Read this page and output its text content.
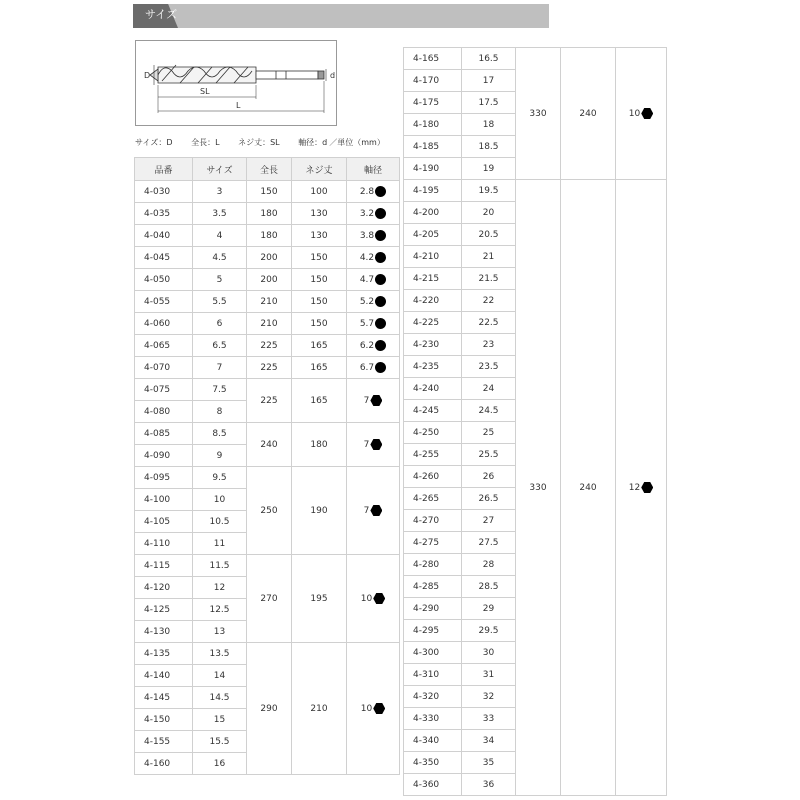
サイズ
D	d
SL
L
サイズ：D 全長：L ネジ丈：SL 軸径：d ／単位（mm）
品番	サイズ	全長	ネジ丈	軸径
4-030	3	150	100	2.8
4-035	3.5	180	130	3.2
4-040	4	180	130	3.8
4-045	4.5	200	150	4.2
4-050	5	200	150	4.7
4-055	5.5	210	150	5.2
4-060	6	210	150	5.7
4-065	6.5	225	165	6.2
4-070	7	225	165	6.7
4-075	7.5	225	165	7
4-080	8			
4-085	8.5	240	180	7
4-090	9			
4-095	9.5	250	190	7
4-100	10			
4-105	10.5			
4-110	11			
4-115	11.5	270	195	10
4-120	12			
4-125	12.5			
4-130	13			
4-135	13.5	290	210	10
4-140	14			
4-145	14.5			
4-150	15			
4-155	15.5			
4-160	16			
4-165	16.5	330	240	10
4-170	17			
4-175	17.5			
4-180	18			
4-185	18.5			
4-190	19			
4-195	19.5	330	240	12
4-200	20			
4-205	20.5			
4-210	21			
4-215	21.5			
4-220	22			
4-225	22.5			
4-230	23			
4-235	23.5			
4-240	24			
4-245	24.5			
4-250	25			
4-255	25.5			
4-260	26			
4-265	26.5			
4-270	27			
4-275	27.5			
4-280	28			
4-285	28.5			
4-290	29			
4-295	29.5			
4-300	30			
4-310	31			
4-320	32			
4-330	33			
4-340	34			
4-350	35			
4-360	36			
